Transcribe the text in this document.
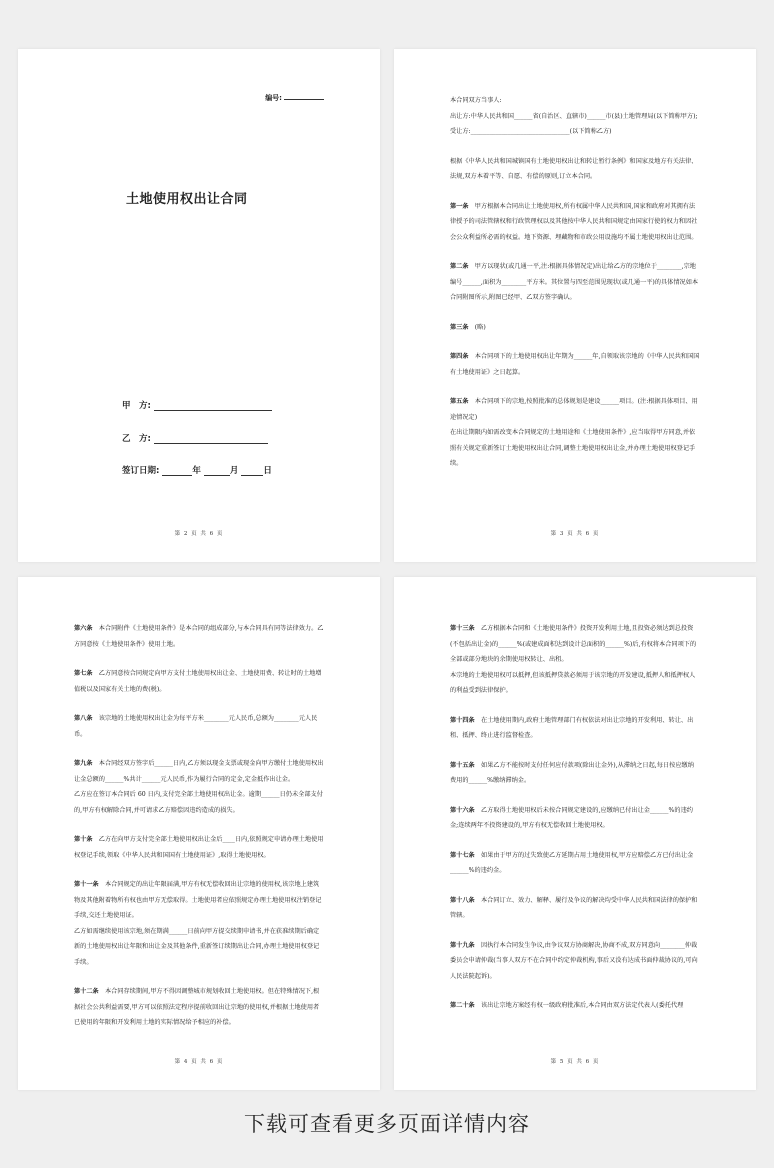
编号:
土地使用权出让合同
甲　方:
乙　方:
签订日期:	年	月	日
第 2 页 共 6 页
本合同双方当事人:
出让方:中华人民共和国______省(自治区、直辖市)______市(县)土地管理局(以下简称甲方);
受让方:________________________________(以下简称乙方)
根据《中华人民共和国城镇国有土地使用权出让和转让暂行条例》和国家及地方有关法律、法规,双方本着平等、自愿、有偿的原则,订立本合同。
第一条　 甲方根据本合同出让土地使用权,所有权属中华人民共和国,国家和政府对其拥有法律授予的司法管辖权和行政管理权以及其他按中华人民共和国规定由国家行使的权力和因社会公众利益所必需的权益。地下资源、埋藏物和市政公用设施均不属土地使用权出让范围。
第二条　 甲方以现状(或几通一平,注:根据具体情况定)出让给乙方的宗地位于________,宗地编号______,面积为________平方米。其位置与四至范围见现状(或几通一平)的具体情况如本合同附图所示,附图已经甲、乙双方签字确认。
第三条　 (略)
第四条　 本合同项下的土地使用权出让年期为______年,自领取该宗地的《中华人民共和国国有土地使用证》之日起算。
第五条　 本合同项下的宗地,按照批准的总体规划是建设______项目。(注:根据具体项目、用途情况定)
在出让期限内如需改变本合同规定的土地用途和《土地使用条件》,应当取得甲方同意,并依照有关规定重新签订土地使用权出让合同,调整土地使用权出让金,并办理土地使用权登记手续。
第 3 页 共 6 页
第六条　 本合同附件《土地使用条件》是本合同的组成部分,与本合同具有同等法律效力。乙方同意按《土地使用条件》使用土地。
第七条　 乙方同意按合同规定向甲方支付土地使用权出让金、土地使用费、转让时的土地增值税以及国家有关土地的费(税)。
第八条　 该宗地的土地使用权出让金为每平方米________元人民币,总额为________元人民币。
第九条　 本合同经双方签字后______日内,乙方须以现金支票或现金向甲方缴付土地使用权出让金总额的______%共计______元人民币,作为履行合同的定金,定金抵作出让金。
乙方应在签订本合同后 60 日内,支付完全部土地使用权出让金。逾期______日仍未全部支付的,甲方有权解除合同,并可请求乙方赔偿因违约造成的损失。
第十条　 乙方在向甲方支付完全部土地使用权出让金后____日内,依照规定申请办理土地使用权登记手续,领取《中华人民共和国国有土地使用证》,取得土地使用权。
第十一条　 本合同规定的出让年限届满,甲方有权无偿收回出让宗地的使用权,该宗地上建筑物及其他附着物所有权也由甲方无偿取得。土地使用者应依照规定办理土地使用权注销登记手续,交还土地使用证。
乙方如需继续使用该宗地,须在期满______日前向甲方提交续期申请书,并在获准续期后确定新的土地使用权出让年限和出让金及其他条件,重新签订续期出让合同,办理土地使用权登记手续。
第十二条　 本合同存续期间,甲方不得因调整城市规划收回土地使用权。但在特殊情况下,根据社会公共利益需要,甲方可以依照法定程序提前收回出让宗地的使用权,并根据土地使用者已使用的年限和开发利用土地的实际情况给予相应的补偿。
第 4 页 共 6 页
第十三条　 乙方根据本合同和《土地使用条件》投资开发利用土地,且投资必须达到总投资(不包括出让金)的______%(或建成面积达到设计总面积的______%)后,有权将本合同项下的全部或部分地块的余期使用权转让、出租。
本宗地的土地使用权可以抵押,但该抵押贷款必须用于该宗地的开发建设,抵押人和抵押权人的利益受到法律保护。
第十四条　 在土地使用期内,政府土地管理部门有权依法对出让宗地的开发利用、转让、出租、抵押、终止进行监督检查。
第十五条　 如果乙方不能按时支付任何应付款项(除出让金外),从滞纳之日起,每日按应缴纳费用的______%缴纳滞纳金。
第十六条　 乙方取得土地使用权后未按合同规定建设的,应缴纳已付出让金______%的违约金;连续两年不投资建设的,甲方有权无偿收回土地使用权。
第十七条　 如果由于甲方的过失致使乙方延期占用土地使用权,甲方应赔偿乙方已付出让金______%的违约金。
第十八条　 本合同订立、效力、解释、履行及争议的解决均受中华人民共和国法律的保护和管辖。
第十九条　 因执行本合同发生争议,由争议双方协商解决,协商不成,双方同意向________仲裁委员会申请仲裁(当事人双方不在合同中约定仲裁机构,事后又没有达成书面仲裁协议的,可向人民法院起诉)。
第二十条　 该出让宗地方案经有权一级政府批准后,本合同由双方法定代表人(委托代理
第 5 页 共 6 页
下载可查看更多页面详情内容
